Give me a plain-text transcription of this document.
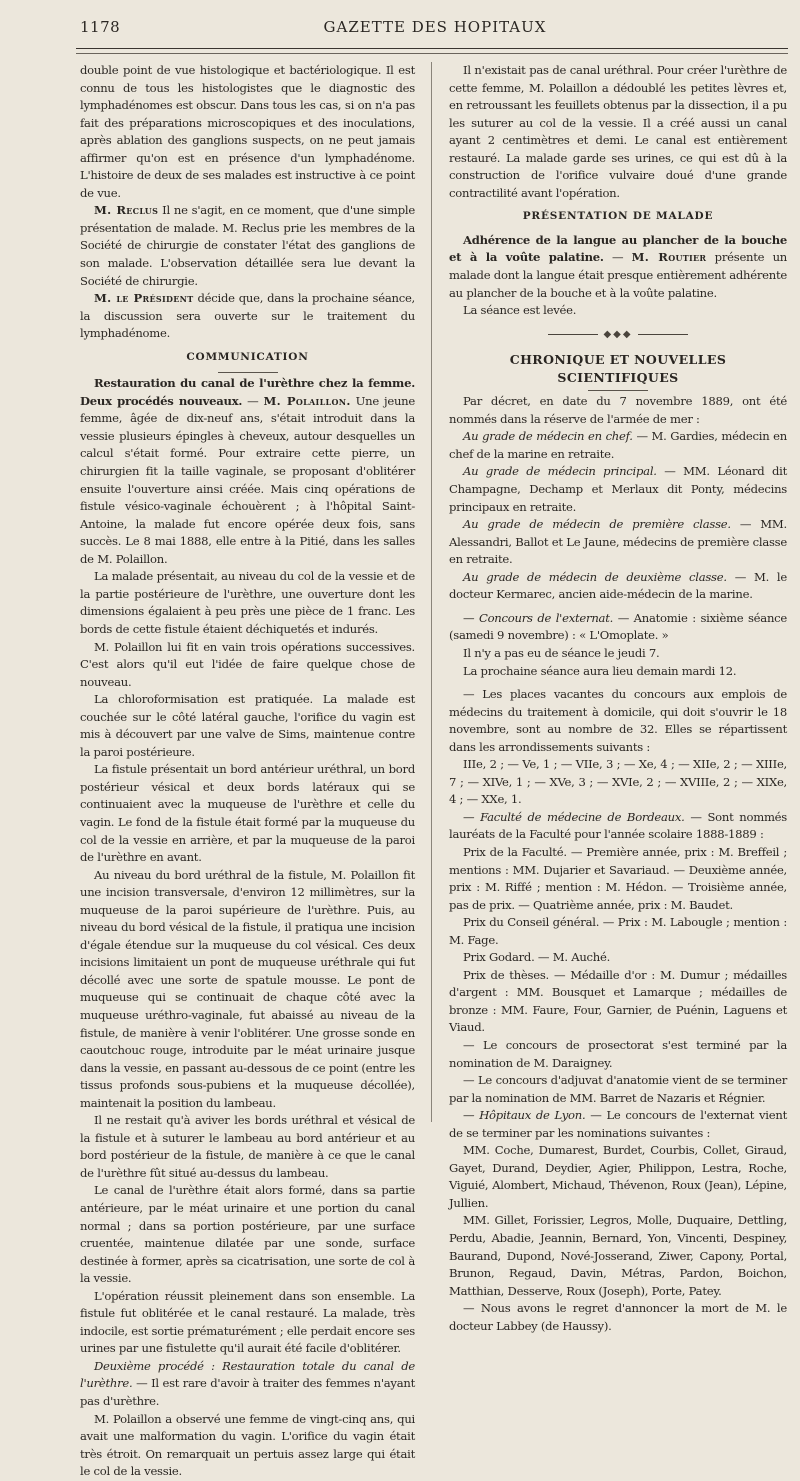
1178	GAZETTE DES HOPITAUX

double point de vue histologique et bactériologique. Il est connu de tous les histologistes que le diagnostic des lymphadénomes est obscur. Dans tous les cas, si on n'a pas fait des préparations microscopiques et des inoculations, après ablation des ganglions suspects, on ne peut jamais affirmer qu'on est en présence d'un lymphadénome. L'histoire de deux de ses malades est instructive à ce point de vue.

M. Reclus Il ne s'agit, en ce moment, que d'une simple présentation de malade. M. Reclus prie les membres de la Société de chirurgie de constater l'état des ganglions de son malade. L'observation détaillée sera lue devant la Société de chirurgie.

M. le Président décide que, dans la prochaine séance, la discussion sera ouverte sur le traitement du lymphadénome.

COMMUNICATION

Restauration du canal de l'urèthre chez la femme. Deux procédés nouveaux. — M. Polaillon. Une jeune femme, âgée de dix-neuf ans, s'était introduit dans la vessie plusieurs épingles à cheveux, autour desquelles un calcul s'était formé. Pour extraire cette pierre, un chirurgien fit la taille vaginale, se proposant d'oblitérer ensuite l'ouverture ainsi créée. Mais cinq opérations de fistule vésico-vaginale échouèrent ; à l'hôpital Saint-Antoine, la malade fut encore opérée deux fois, sans succès. Le 8 mai 1888, elle entre à la Pitié, dans les salles de M. Polaillon.

La malade présentait, au niveau du col de la vessie et de la partie postérieure de l'urèthre, une ouverture dont les dimensions égalaient à peu près une pièce de 1 franc. Les bords de cette fistule étaient déchiquetés et indurés.

M. Polaillon lui fit en vain trois opérations successives. C'est alors qu'il eut l'idée de faire quelque chose de nouveau.

La chloroformisation est pratiquée. La malade est couchée sur le côté latéral gauche, l'orifice du vagin est mis à découvert par une valve de Sims, maintenue contre la paroi postérieure.

La fistule présentait un bord antérieur uréthral, un bord postérieur vésical et deux bords latéraux qui se continuaient avec la muqueuse de l'urèthre et celle du vagin. Le fond de la fistule était formé par la muqueuse du col de la vessie en arrière, et par la muqueuse de la paroi de l'urèthre en avant.

Au niveau du bord uréthral de la fistule, M. Polaillon fit une incision transversale, d'environ 12 millimètres, sur la muqueuse de la paroi supérieure de l'urèthre. Puis, au niveau du bord vésical de la fistule, il pratiqua une incision d'égale étendue sur la muqueuse du col vésical. Ces deux incisions limitaient un pont de muqueuse uréthrale qui fut décollé avec une sorte de spatule mousse. Le pont de muqueuse qui se continuait de chaque côté avec la muqueuse uréthro-vaginale, fut abaissé au niveau de la fistule, de manière à venir l'oblitérer. Une grosse sonde en caoutchouc rouge, introduite par le méat urinaire jusque dans la vessie, en passant au-dessous de ce point (entre les tissus profonds sous-pubiens et la muqueuse décollée), maintenait la position du lambeau.

Il ne restait qu'à aviver les bords uréthral et vésical de la fistule et à suturer le lambeau au bord antérieur et au bord postérieur de la fistule, de manière à ce que le canal de l'urèthre fût situé au-dessus du lambeau.

Le canal de l'urèthre était alors formé, dans sa partie antérieure, par le méat urinaire et une portion du canal normal ; dans sa portion postérieure, par une surface cruentée, maintenue dilatée par une sonde, surface destinée à former, après sa cicatrisation, une sorte de col à la vessie.

L'opération réussit pleinement dans son ensemble. La fistule fut oblitérée et le canal restauré. La malade, très indocile, est sortie prématurément ; elle perdait encore ses urines par une fistulette qu'il aurait été facile d'oblitérer.

Deuxième procédé : Restauration totale du canal de l'urèthre. — Il est rare d'avoir à traiter des femmes n'ayant pas d'urèthre.

M. Polaillon a observé une femme de vingt-cinq ans, qui avait une malformation du vagin. L'orifice du vagin était très étroit. On remarquait un pertuis assez large qui était le col de la vessie.

Il n'existait pas de canal uréthral. Pour créer l'urèthre de cette femme, M. Polaillon a dédoublé les petites lèvres et, en retroussant les feuillets obtenus par la dissection, il a pu les suturer au col de la vessie. Il a créé aussi un canal ayant 2 centimètres et demi. Le canal est entièrement restauré. La malade garde ses urines, ce qui est dû à la construction de l'orifice vulvaire doué d'une grande contractilité avant l'opération.

PRÉSENTATION DE MALADE

Adhérence de la langue au plancher de la bouche et à la voûte palatine. — M. Routier présente un malade dont la langue était presque entièrement adhérente au plancher de la bouche et à la voûte palatine.

La séance est levée.

◆◆◆
CHRONIQUE ET NOUVELLES SCIENTIFIQUES

Par décret, en date du 7 novembre 1889, ont été nommés dans la réserve de l'armée de mer :

Au grade de médecin en chef. — M. Gardies, médecin en chef de la marine en retraite.

Au grade de médecin principal. — MM. Léonard dit Champagne, Dechamp et Merlaux dit Ponty, médecins principaux en retraite.

Au grade de médecin de première classe. — MM. Alessandri, Ballot et Le Jaune, médecins de première classe en retraite.

Au grade de médecin de deuxième classe. — M. le docteur Kermarec, ancien aide-médecin de la marine.

— Concours de l'externat. — Anatomie : sixième séance (samedi 9 novembre) : « L'Omoplate. »

Il n'y a pas eu de séance le jeudi 7.

La prochaine séance aura lieu demain mardi 12.

— Les places vacantes du concours aux emplois de médecins du traitement à domicile, qui doit s'ouvrir le 18 novembre, sont au nombre de 32. Elles se répartissent dans les arrondissements suivants :

IIIe, 2 ; — Ve, 1 ; — VIIe, 3 ; — Xe, 4 ; — XIIe, 2 ; — XIIIe, 7 ; — XIVe, 1 ; — XVe, 3 ; — XVIe, 2 ; — XVIIIe, 2 ; — XIXe, 4 ; — XXe, 1.

— Faculté de médecine de Bordeaux. — Sont nommés lauréats de la Faculté pour l'année scolaire 1888-1889 :

Prix de la Faculté. — Première année, prix : M. Breffeil ; mentions : MM. Dujarier et Savariaud. — Deuxième année, prix : M. Riffé ; mention : M. Hédon. — Troisième année, pas de prix. — Quatrième année, prix : M. Baudet.

Prix du Conseil général. — Prix : M. Labougle ; mention : M. Fage.

Prix Godard. — M. Auché.

Prix de thèses. — Médaille d'or : M. Dumur ; médailles d'argent : MM. Bousquet et Lamarque ; médailles de bronze : MM. Faure, Four, Garnier, de Puénin, Laguens et Viaud.

— Le concours de prosectorat s'est terminé par la nomination de M. Daraigney.

— Le concours d'adjuvat d'anatomie vient de se terminer par la nomination de MM. Barret de Nazaris et Régnier.

— Hôpitaux de Lyon. — Le concours de l'externat vient de se terminer par les nominations suivantes :

MM. Coche, Dumarest, Burdet, Courbis, Collet, Giraud, Gayet, Durand, Deydier, Agier, Philippon, Lestra, Roche, Viguié, Alombert, Michaud, Thévenon, Roux (Jean), Lépine, Jullien.

MM. Gillet, Forissier, Legros, Molle, Duquaire, Dettling, Perdu, Abadie, Jeannin, Bernard, Yon, Vincenti, Despiney, Baurand, Dupond, Nové-Josserand, Ziwer, Capony, Portal, Brunon, Regaud, Davin, Métras, Pardon, Boichon, Matthian, Desserve, Roux (Joseph), Porte, Patey.

— Nous avons le regret d'annoncer la mort de M. le docteur Labbey (de Haussy).
